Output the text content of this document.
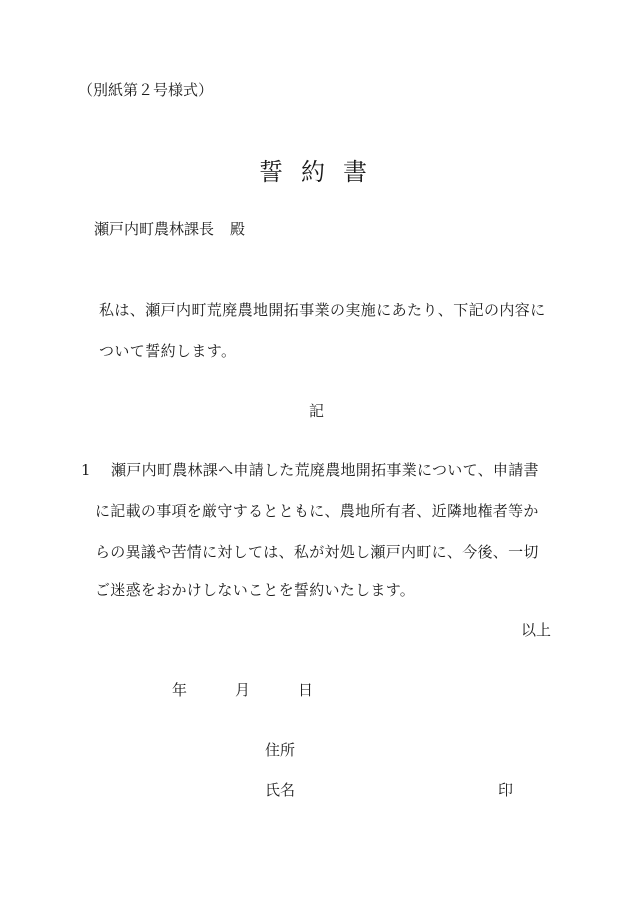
（別紙第２号様式）
誓約書
瀬戸内町農林課長 殿
私は、瀬戸内町荒廃農地開拓事業の実施にあたり、下記の内容に
ついて誓約します。
記
1 瀬戸内町農林課へ申請した荒廃農地開拓事業について、申請書
に記載の事項を厳守するとともに、農地所有者、近隣地権者等か
らの異議や苦情に対しては、私が対処し瀬戸内町に、今後、一切
ご迷惑をおかけしないことを誓約いたします。
以上
年	月	日
住所
氏名	印
